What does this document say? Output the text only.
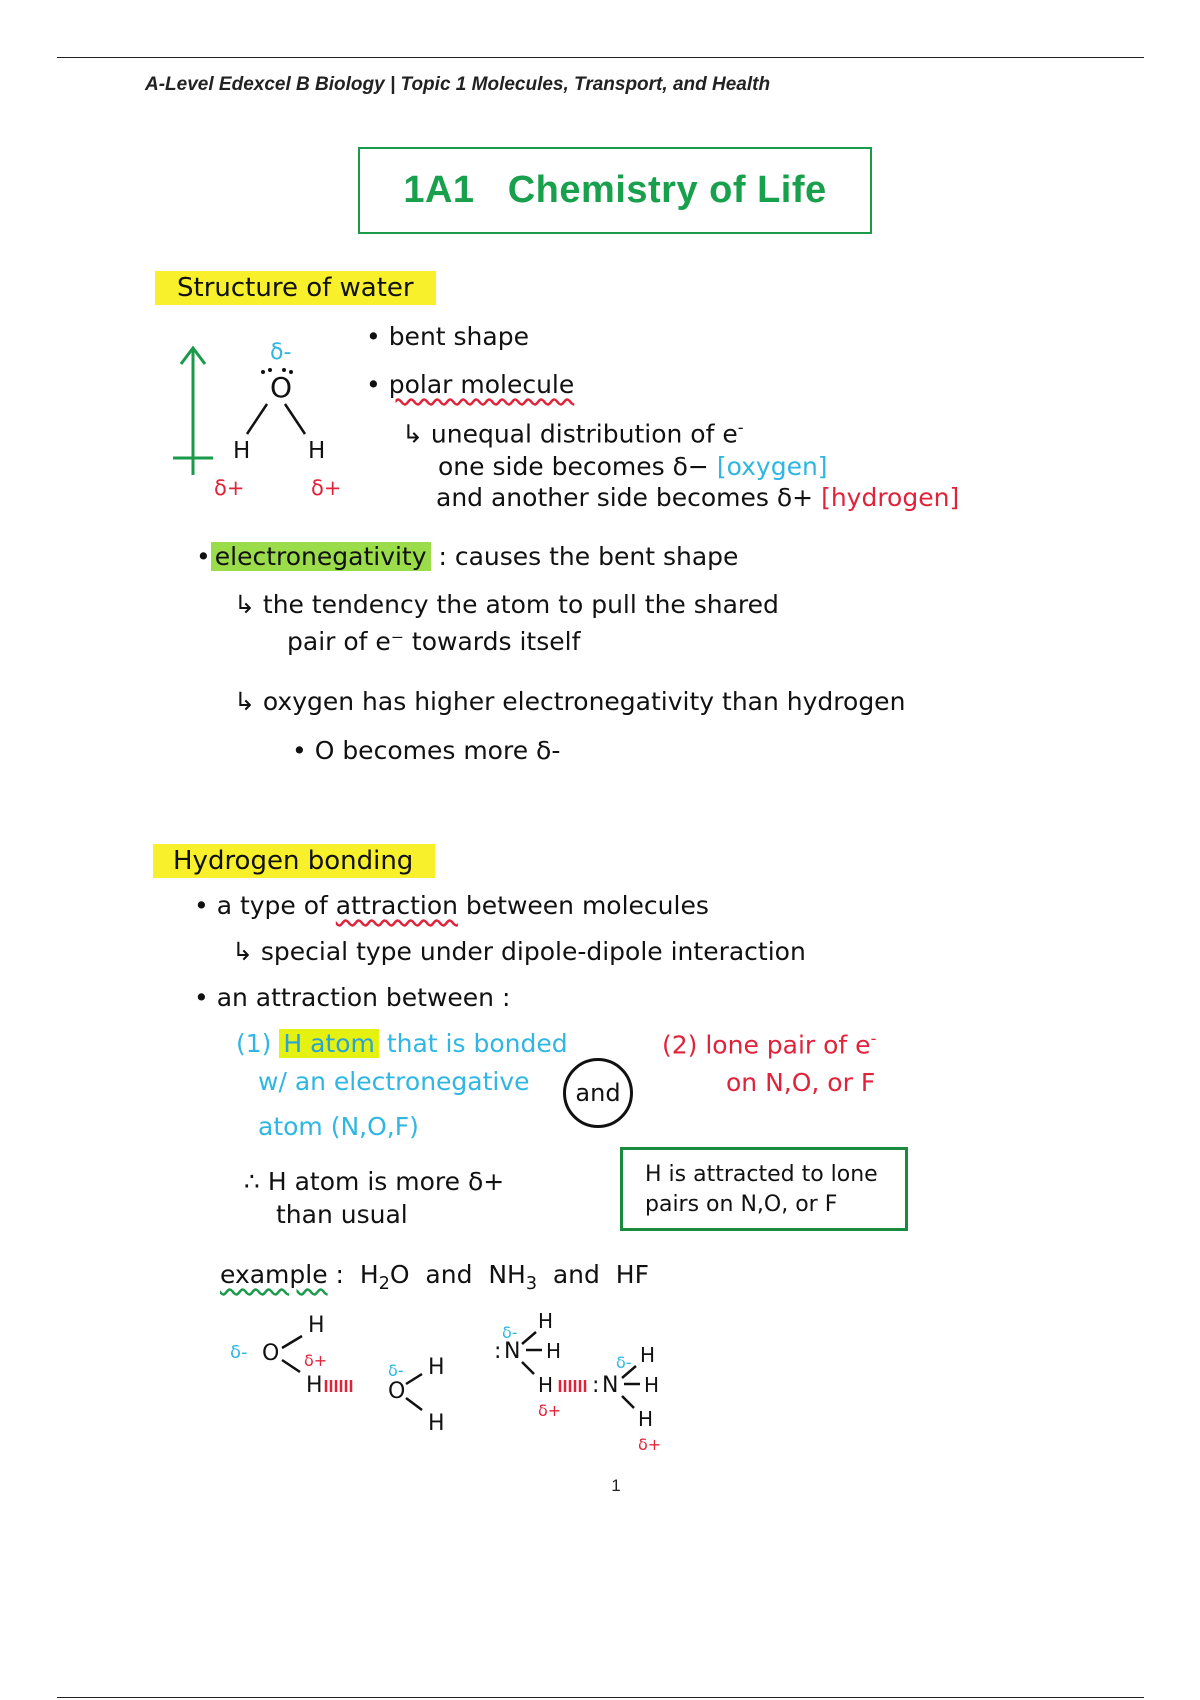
A-Level Edexcel B Biology | Topic 1 Molecules, Transport, and Health
1A1   Chemistry of Life
Structure of water
δ-
O
H	H
δ+	δ+
• bent shape
• polar molecule
↳ unequal distribution of e-
one side becomes δ− [oxygen]
and another side becomes δ+ [hydrogen]
• electronegativity : causes the bent shape
↳ the tendency the atom to pull the shared
pair of e⁻ towards itself
↳ oxygen has higher electronegativity than hydrogen
• O becomes more δ-
Hydrogen bonding
• a type of attraction between molecules
↳ special type under dipole-dipole interaction
• an attraction between :
(1) H atom that is bonded
w/ an electronegative
atom (N,O,F)
and
(2) lone pair of e-
on N,O, or F
∴ H atom is more δ+
than usual
H is attracted to lone
pairs on N,O, or F
example :  $H_2O$  and  $NH_3$  and  HF
δ- O
H
H
δ+
δ-
O
H
H
δ-
: N
H
H
H
δ+
δ-
: N
H
H
H
δ+
1
